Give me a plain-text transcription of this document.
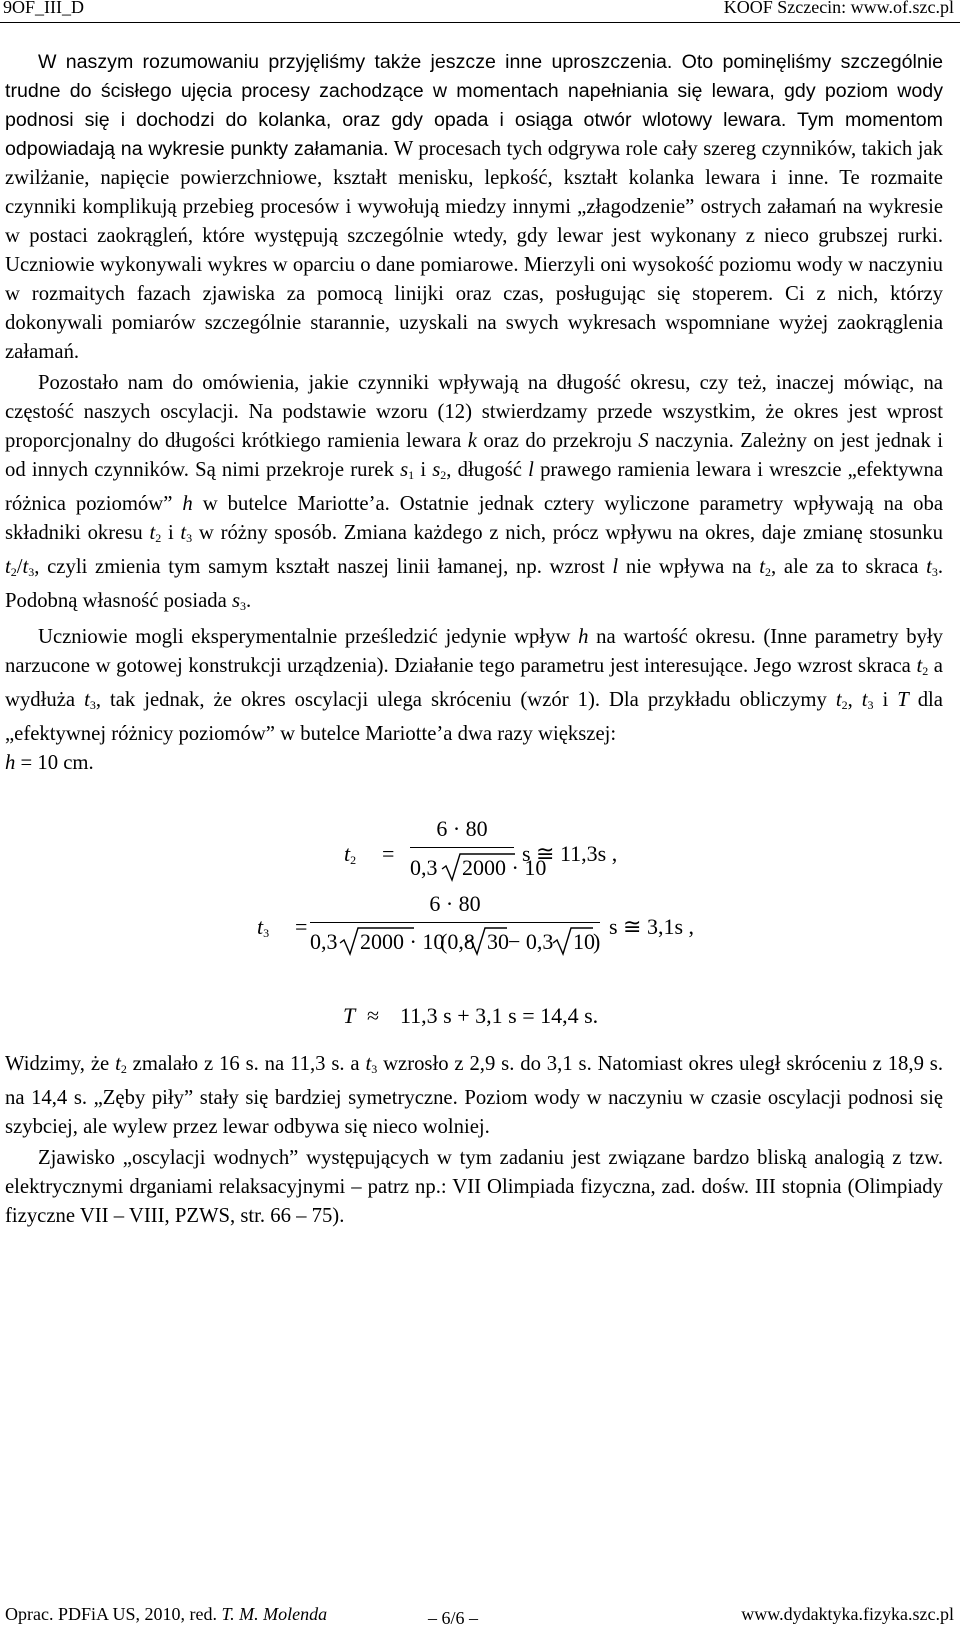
9OF_III_D	KOOF Szczecin: www.of.szc.pl

W naszym rozumowaniu przyjęliśmy także jeszcze inne uproszczenia. Oto pominęliśmy szczególnie trudne do ścisłego ujęcia procesy zachodzące w momentach napełniania się lewara, gdy poziom wody podnosi się i dochodzi do kolanka, oraz gdy opada i osiąga otwór wlotowy lewara. Tym momentom odpowiadają na wykresie punkty załamania. W procesach tych odgrywa role cały szereg czynników, takich jak zwilżanie, napięcie powierzchniowe, kształt menisku, lepkość, kształt kolanka lewara i inne. Te rozmaite czynniki komplikują przebieg procesów i wywołują miedzy innymi „złagodzenie” ostrych załamań na wykresie w postaci zaokrągleń, które występują szczególnie wtedy, gdy lewar jest wykonany z nieco grubszej rurki. Uczniowie wykonywali wykres w oparciu o dane pomiarowe. Mierzyli oni wysokość poziomu wody w naczyniu w rozmaitych fazach zjawiska za pomocą linijki oraz czas, posługując się stoperem. Ci z nich, którzy dokonywali pomiarów szczególnie starannie, uzyskali na swych wykresach wspomniane wyżej zaokrąglenia załamań.

Pozostało nam do omówienia, jakie czynniki wpływają na długość okresu, czy też, inaczej mówiąc, na częstość naszych oscylacji. Na podstawie wzoru (12) stwierdzamy przede wszystkim, że okres jest wprost proporcjonalny do długości krótkiego ramienia lewara k oraz do przekroju S naczynia. Zależny on jest jednak i od innych czynników. Są nimi przekroje rurek $s_1$ i $s_2$, długość l prawego ramienia lewara i wreszcie „efektywna różnica poziomów” h w butelce Mariotte’a. Ostatnie jednak cztery wyliczone parametry wpływają na oba składniki okresu $t_2$ i $t_3$ w różny sposób. Zmiana każdego z nich, prócz wpływu na okres, daje zmianę stosunku $t_2/t_3$, czyli zmienia tym samym kształt naszej linii łamanej, np. wzrost l nie wpływa na $t_2$, ale za to skraca $t_3$. Podobną własność posiada $s_3$.

Uczniowie mogli eksperymentalnie prześledzić jedynie wpływ h na wartość okresu. (Inne parametry były narzucone w gotowej konstrukcji urządzenia). Działanie tego parametru jest interesujące. Jego wzrost skraca $t_2$ a wydłuża $t_3$, tak jednak, że okres oscylacji ulega skróceniu (wzór 1). Dla przykładu obliczymy $t_2$, $t_3$ i T dla „efektywnej różnicy poziomów” w butelce Mariotte’a dwa razy większej:

h = 10 cm.

$t_2$ =
6 · 80
0,3 2000 · 10
s ≅ 11,3s ,
$t_3$ =
6 · 80
0,3 2000 · 10
(0,8 30 − 0,3 10
)
s ≅ 3,1s ,
T ≈ 11,3 s + 3,1 s = 14,4 s.

Widzimy, że $t_2$ zmalało z 16 s. na 11,3 s. a $t_3$ wzrosło z 2,9 s. do 3,1 s. Natomiast okres uległ skróceniu z 18,9 s. na 14,4 s. „Zęby piły” stały się bardziej symetryczne. Poziom wody w naczyniu w czasie oscylacji podnosi się szybciej, ale wylew przez lewar odbywa się nieco wolniej.

Zjawisko „oscylacji wodnych” występujących w tym zadaniu jest związane bardzo bliską analogią z tzw. elektrycznymi drganiami relaksacyjnymi – patrz np.: VII Olimpiada fizyczna, zad. dośw. III stopnia (Olimpiady fizyczne VII – VIII, PZWS, str. 66 – 75).

Oprac. PDFiA US, 2010, red. T. M. Molenda	– 6/6 –	www.dydaktyka.fizyka.szc.pl
